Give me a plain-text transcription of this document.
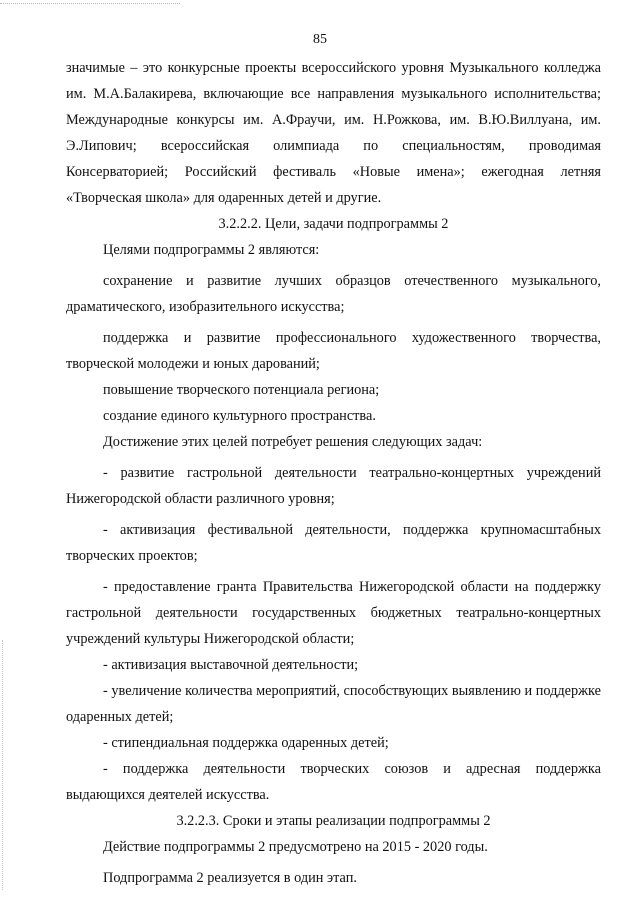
85

значимые – это конкурсные проекты всероссийского уровня Музыкального колледжа им. М.А.Балакирева, включающие все направления музыкального исполнительства; Международные конкурсы им. А.Фраучи, им. Н.Рожкова, им. В.Ю.Виллуана, им. Э.Липович; всероссийская олимпиада по специальностям, проводимая Консерваторией; Российский фестиваль «Новые имена»; ежегодная летняя «Творческая школа» для одаренных детей и другие.

3.2.2.2. Цели, задачи подпрограммы 2

Целями подпрограммы 2 являются:

сохранение и развитие лучших образцов отечественного музыкального, драматического, изобразительного искусства;

поддержка и развитие профессионального художественного творчества, творческой молодежи и юных дарований;

повышение творческого потенциала региона;

создание единого культурного пространства.

Достижение этих целей потребует решения следующих задач:

- развитие гастрольной деятельности театрально-концертных учреждений Нижегородской области различного уровня;

- активизация фестивальной деятельности, поддержка крупномасштабных творческих проектов;

- предоставление гранта Правительства Нижегородской области на поддержку гастрольной деятельности государственных бюджетных театрально-концертных учреждений культуры Нижегородской области;

- активизация выставочной деятельности;

- увеличение количества мероприятий, способствующих выявлению и поддержке одаренных детей;

- стипендиальная поддержка одаренных детей;

- поддержка деятельности творческих союзов и адресная поддержка выдающихся деятелей искусства.

3.2.2.3. Сроки и этапы реализации подпрограммы 2

Действие подпрограммы 2 предусмотрено на 2015 - 2020 годы.

Подпрограмма 2 реализуется в один этап.
